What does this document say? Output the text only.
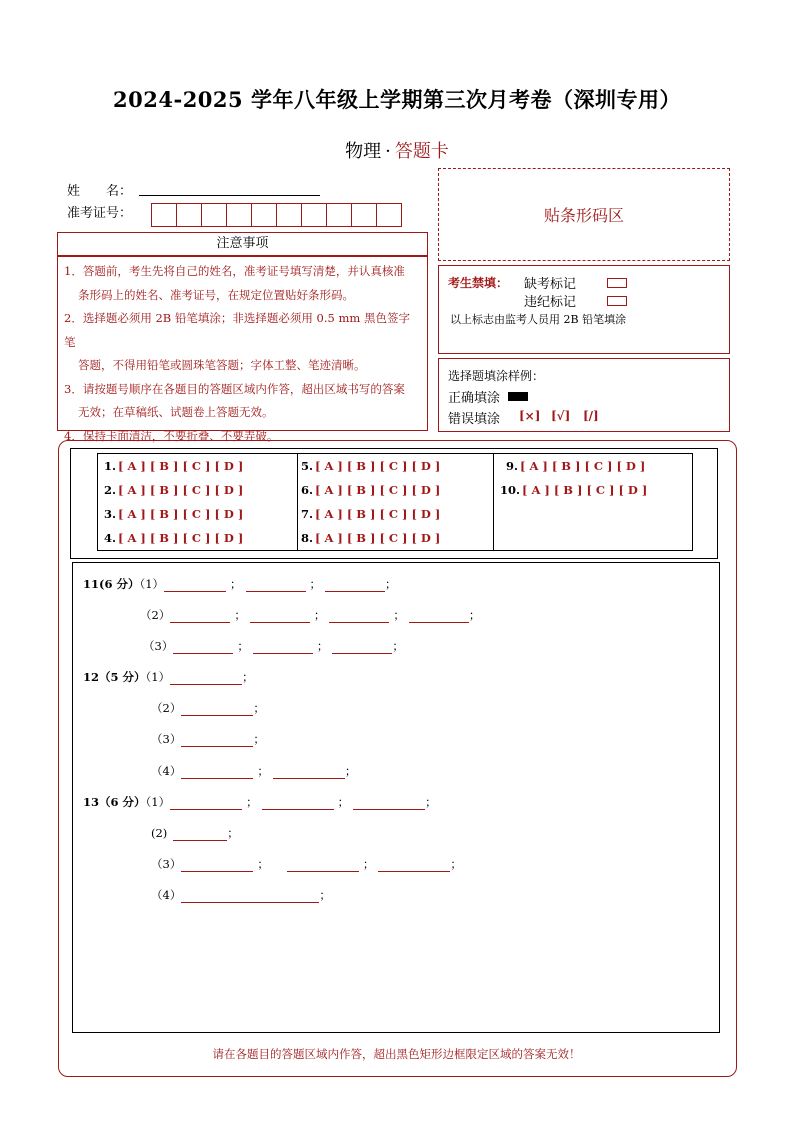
2024-2025 学年八年级上学期第三次月考卷（深圳专用）
物理 · 答题卡
姓　　名：
准考证号：	贴条形码区
注意事项

1．答题前，考生先将自己的姓名，准考证号填写清楚，并认真核准

条形码上的姓名、准考证号，在规定位置贴好条形码。

2．选择题必须用 2B 铅笔填涂；非选择题必须用 0.5 mm 黑色签字笔

答题，不得用铅笔或圆珠笔答题；字体工整、笔迹清晰。

3．请按题号顺序在各题目的答题区域内作答，超出区域书写的答案

无效；在草稿纸、试题卷上答题无效。

4．保持卡面清洁，不要折叠、不要弄破。

考生禁填： 缺考标记
违纪标记
以上标志由监考人员用 2B 铅笔填涂
选择题填涂样例：
正确填涂
错误填涂 [×] [√] [/]
1. [ A ] [ B ] [ C ] [ D ]
2. [ A ] [ B ] [ C ] [ D ]
3. [ A ] [ B ] [ C ] [ D ]
4. [ A ] [ B ] [ C ] [ D ]
5. [ A ] [ B ] [ C ] [ D ]
6. [ A ] [ B ] [ C ] [ D ]
7. [ A ] [ B ] [ C ] [ D ]
8. [ A ] [ B ] [ C ] [ D ]
9. [ A ] [ B ] [ C ] [ D ]
10. [ A ] [ B ] [ C ] [ D ]
11(6 分）（1）	；	；	；
（2）	；	；	；	；
（3）	；	；	；
12（5 分）（1）	；
（2）	；
（3）	；
（4）	；	；
13（6 分）（1）	；	；	；
(2)	；
（3）	；	；	；
（4）	；
请在各题目的答题区域内作答，超出黑色矩形边框限定区域的答案无效！
